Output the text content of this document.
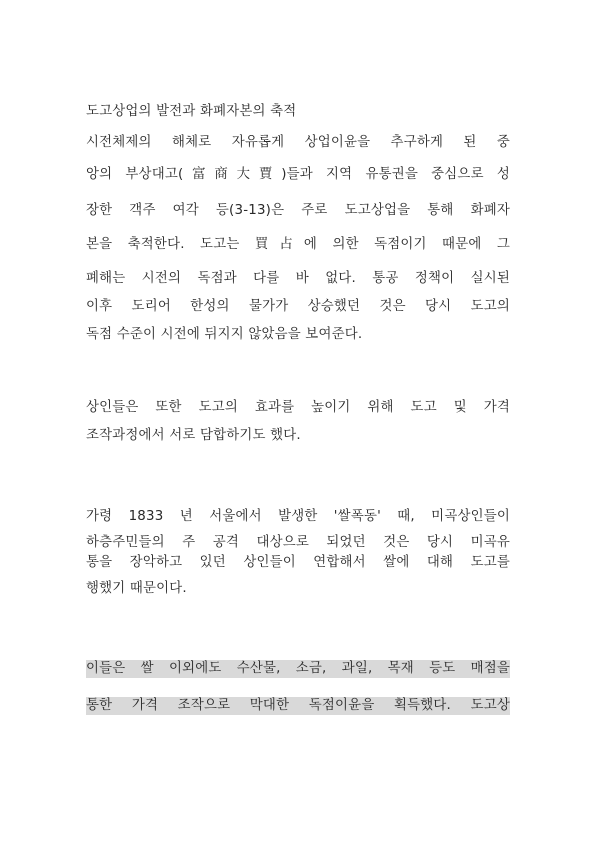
도고상업의 발전과 화폐자본의 축적
시전체제의 해체로 자유롭게 상업이윤을 추구하게 된 중
앙의 부상대고(富商大賈)들과 지역 유통권을 중심으로 성
장한 객주 여각 등(3-13)은 주로 도고상업을 통해 화폐자
본을 축적한다. 도고는 買占에 의한 독점이기 때문에 그
폐해는 시전의 독점과 다를 바 없다. 통공 정책이 실시된
이후 도리어 한성의 물가가 상승했던 것은 당시 도고의
독점 수준이 시전에 뒤지지 않았음을 보여준다.
상인들은 또한 도고의 효과를 높이기 위해 도고 및 가격
조작과정에서 서로 담합하기도 했다.
가령 1833 년 서울에서 발생한 '쌀폭동' 때, 미곡상인들이
하층주민들의 주 공격 대상으로 되었던 것은 당시 미곡유
통을 장악하고 있던 상인들이 연합해서 쌀에 대해 도고를
행했기 때문이다.
이들은 쌀 이외에도 수산물, 소금, 과일, 목재 등도 매점을
통한 가격 조작으로 막대한 독점이윤을 획득했다. 도고상
